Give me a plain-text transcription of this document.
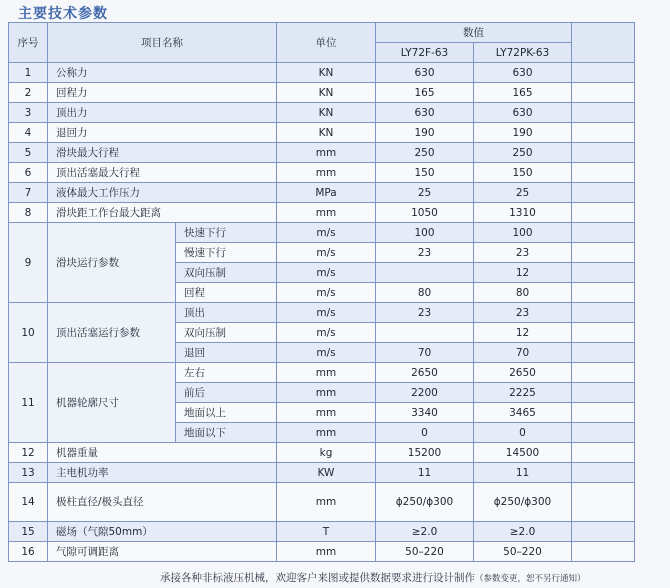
主要技术参数
序号	项目名称		单位	数值		
				LY72F-63	LY72PK-63	
1	公称力		KN	630	630	
2	回程力		KN	165	165	
3	顶出力		KN	630	630	
4	退回力		KN	190	190	
5	滑块最大行程		mm	250	250	
6	顶出活塞最大行程		mm	150	150	
7	液体最大工作压力		MPa	25	25	
8	滑块距工作台最大距离		mm	1050	1310	
9	滑块运行参数	快速下行	m/s	100	100	
		慢速下行	m/s	23	23	
		双向压制	m/s		12	
		回程	m/s	80	80	
10	顶出活塞运行参数	顶出	m/s	23	23	
		双向压制	m/s		12	
		退回	m/s	70	70	
11	机器轮廓尺寸	左右	mm	2650	2650	
		前后	mm	2200	2225	
		地面以上	mm	3340	3465	
		地面以下	mm	0	0	
12	机器重量		kg	15200	14500	
13	主电机功率		KW	11	11	
14	极柱直径/极头直径		mm	ϕ250/ϕ300	ϕ250/ϕ300	
15	磁场（气隙50mm）		T	≥2.0	≥2.0	
16	气隙可调距离		mm	50–220	50–220	
承接各种非标液压机械，欢迎客户来图或提供数据要求进行设计制作（参数变更，恕不另行通知）
